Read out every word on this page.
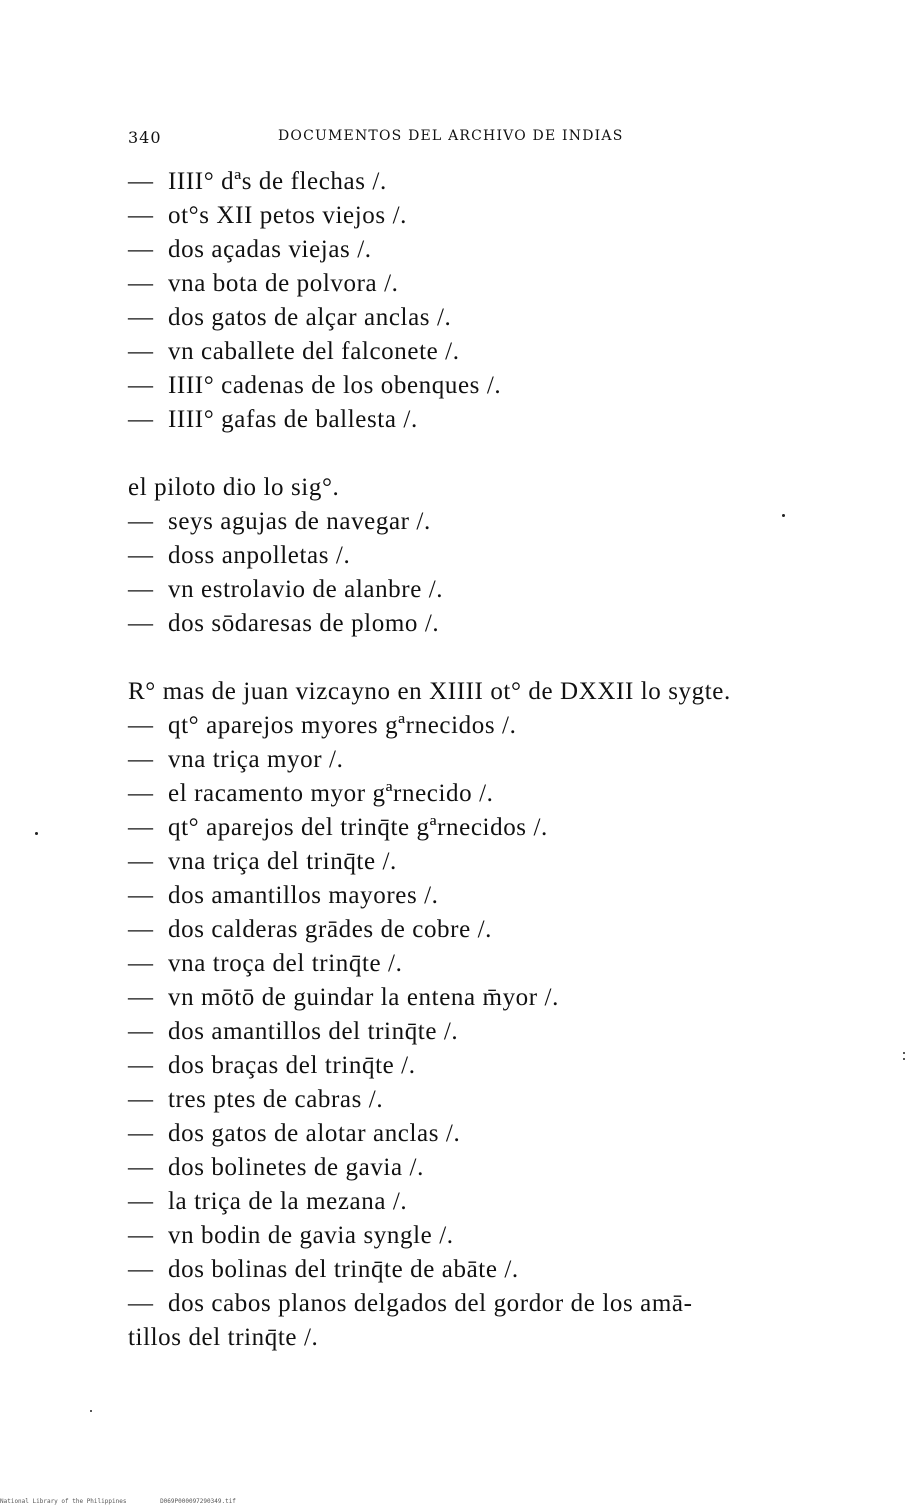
340	DOCUMENTOS DEL ARCHIVO DE INDIAS
— IIII° dªs de flechas /.
— ot°s XII petos viejos /.
— dos açadas viejas /.
— vna bota de polvora /.
— dos gatos de alçar anclas /.
— vn caballete del falconete /.
— IIII° cadenas de los obenques /.
— IIII° gafas de ballesta /.
el piloto dio lo sig°.
— seys agujas de navegar /.
— doss anpolletas /.
— vn estrolavio de alanbre /.
— dos sōdaresas de plomo /.
R° mas de juan vizcayno en XIIII ot° de DXXII lo sygte.
— qt° aparejos myores gªrnecidos /.
— vna triça myor /.
— el racamento myor gªrnecido /.
— qt° aparejos del trinq̄te gªrnecidos /.
— vna triça del trinq̄te /.
— dos amantillos mayores /.
— dos calderas grādes de cobre /.
— vna troça del trinq̄te /.
— vn mōtō de guindar la entena m̄yor /.
— dos amantillos del trinq̄te /.
— dos braças del trinq̄te /.
— tres ptes de cabras /.
— dos gatos de alotar anclas /.
— dos bolinetes de gavia /.
— la triça de la mezana /.
— vn bodin de gavia syngle /.
— dos bolinas del trinq̄te de abāte /.
— dos cabos planos delgados del gordor de los amā-
tillos del trinq̄te /.
National Library of the Philippines	D069P000097290349.tif
